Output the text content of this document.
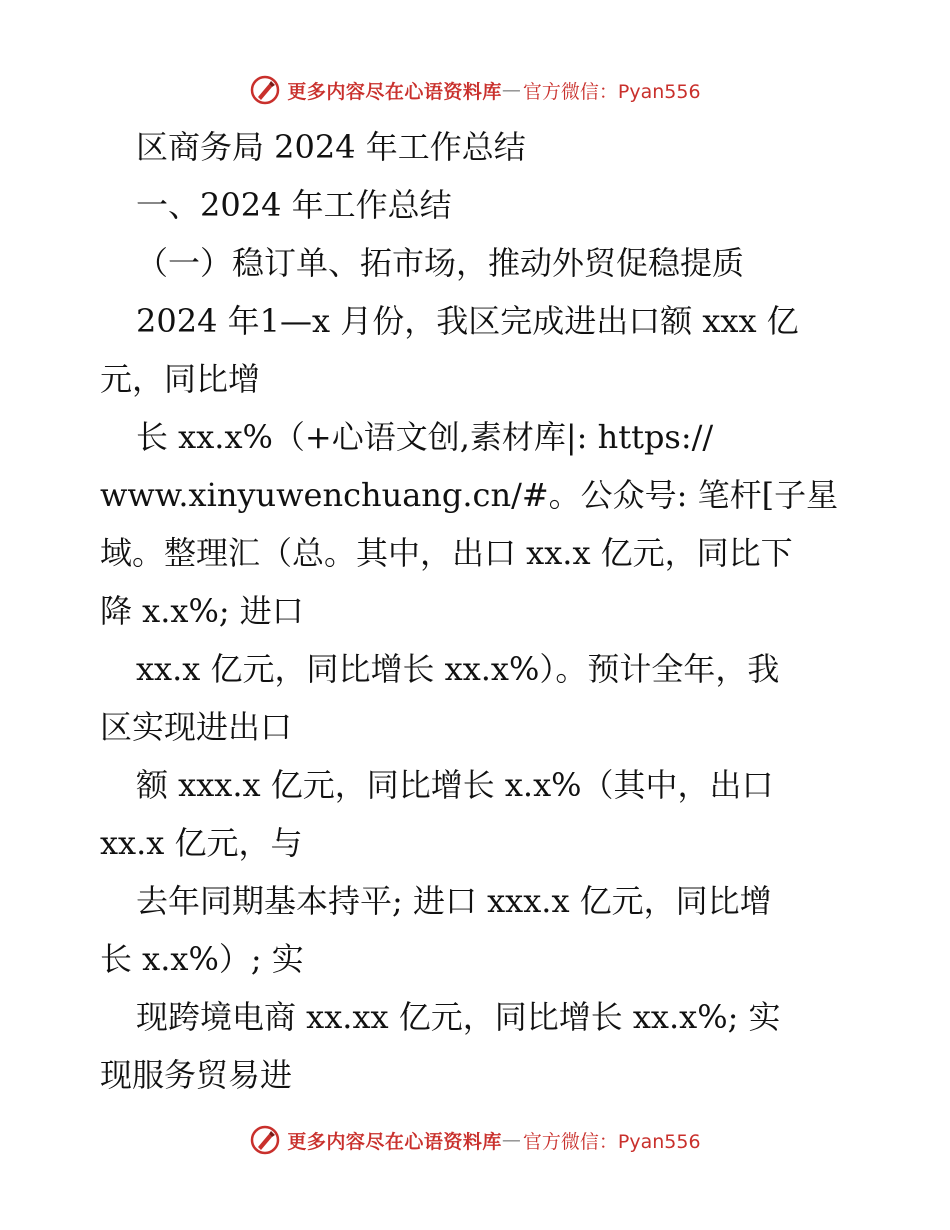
更多内容尽在心语资料库 — 官方微信：Pyan556
区商务局 2024 年工作总结
一、2024 年工作总结
（一）稳订单、拓市场，推动外贸促稳提质
2024 年1—x 月份，我区完成进出口额 xxx 亿
元，同比增
长 xx.x%（+心语文创,素材库|: https://
www.xinyuwenchuang.cn/#。公众号: 笔杆[子星
域。整理汇（总。其中，出口 xx.x 亿元，同比下
降 x.x%; 进口
xx.x 亿元，同比增长 xx.x%）。预计全年，我
区实现进出口
额 xxx.x 亿元，同比增长 x.x%（其中，出口
xx.x 亿元，与
去年同期基本持平; 进口 xxx.x 亿元，同比增
长 x.x%）; 实
现跨境电商 xx.xx 亿元，同比增长 xx.x%; 实
现服务贸易进
更多内容尽在心语资料库 — 官方微信：Pyan556
